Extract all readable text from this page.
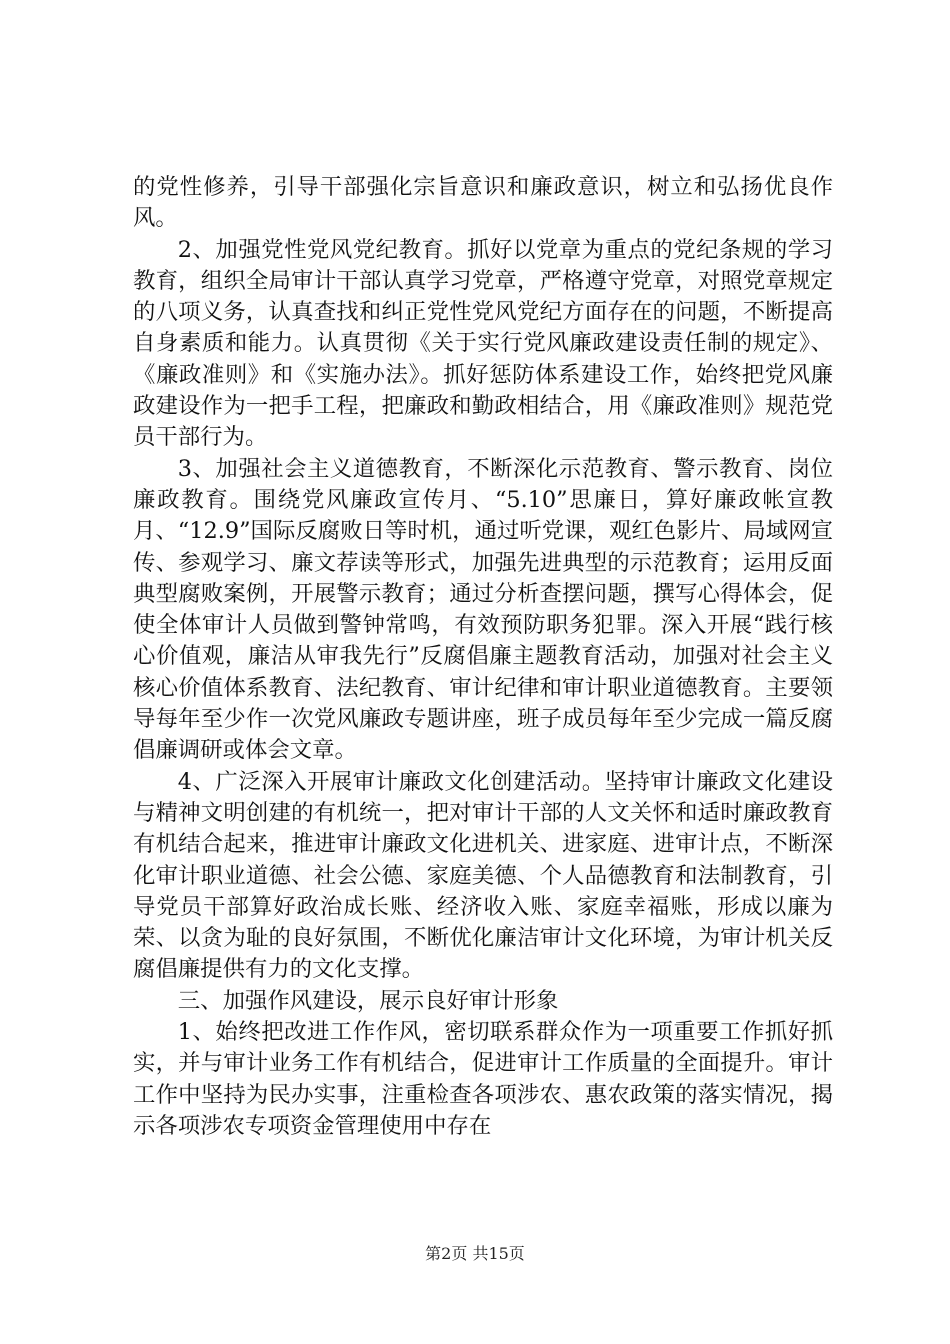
的党性修养，引导干部强化宗旨意识和廉政意识，树立和弘扬优良作风。

2、加强党性党风党纪教育。抓好以党章为重点的党纪条规的学习教育，组织全局审计干部认真学习党章，严格遵守党章，对照党章规定的八项义务，认真查找和纠正党性党风党纪方面存在的问题，不断提高自身素质和能力。认真贯彻《关于实行党风廉政建设责任制的规定》、《廉政准则》和《实施办法》。抓好惩防体系建设工作，始终把党风廉政建设作为一把手工程，把廉政和勤政相结合，用《廉政准则》规范党员干部行为。

3、加强社会主义道德教育，不断深化示范教育、警示教育、岗位廉政教育。围绕党风廉政宣传月、“5.10”思廉日，算好廉政帐宣教月、“12.9”国际反腐败日等时机，通过听党课，观红色影片、局域网宣传、参观学习、廉文荐读等形式，加强先进典型的示范教育；运用反面典型腐败案例，开展警示教育；通过分析查摆问题，撰写心得体会，促使全体审计人员做到警钟常鸣，有效预防职务犯罪。深入开展“践行核心价值观，廉洁从审我先行”反腐倡廉主题教育活动，加强对社会主义核心价值体系教育、法纪教育、审计纪律和审计职业道德教育。主要领导每年至少作一次党风廉政专题讲座，班子成员每年至少完成一篇反腐倡廉调研或体会文章。

4、广泛深入开展审计廉政文化创建活动。坚持审计廉政文化建设与精神文明创建的有机统一，把对审计干部的人文关怀和适时廉政教育有机结合起来，推进审计廉政文化进机关、进家庭、进审计点，不断深化审计职业道德、社会公德、家庭美德、个人品德教育和法制教育，引导党员干部算好政治成长账、经济收入账、家庭幸福账，形成以廉为荣、以贪为耻的良好氛围，不断优化廉洁审计文化环境，为审计机关反腐倡廉提供有力的文化支撑。

三、加强作风建设，展示良好审计形象

1、始终把改进工作作风，密切联系群众作为一项重要工作抓好抓实，并与审计业务工作有机结合，促进审计工作质量的全面提升。审计工作中坚持为民办实事，注重检查各项涉农、惠农政策的落实情况，揭示各项涉农专项资金管理使用中存在

第2页 共15页
